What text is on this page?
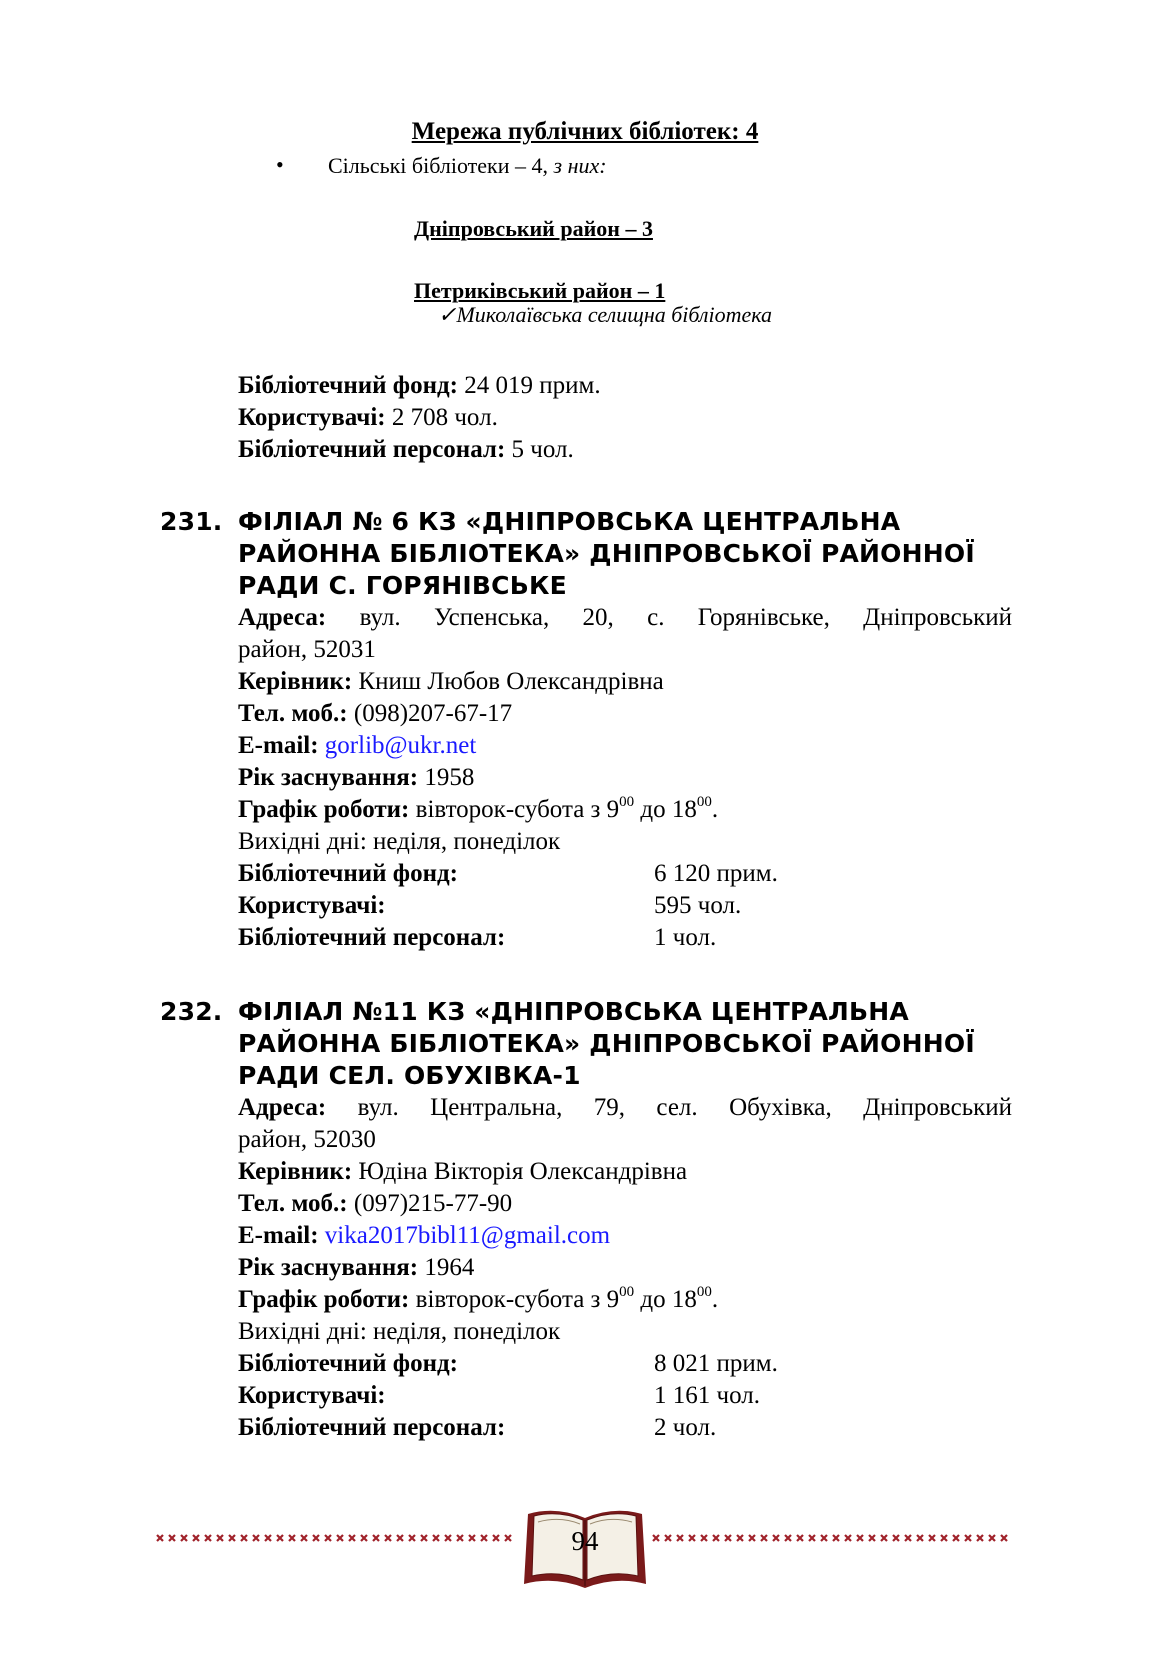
Мережа публічних бібліотек: 4
• Сільські бібліотеки – 4, з них:
Дніпровський район – 3
Петриківський район – 1
✓Миколаївська селищна бібліотека
Бібліотечний фонд: 24 019 прим.
Користувачі: 2 708 чол.
Бібліотечний персонал: 5 чол.
231. ФІЛІАЛ № 6 КЗ «ДНІПРОВСЬКА ЦЕНТРАЛЬНА
РАЙОННА БІБЛІОТЕКА» ДНІПРОВСЬКОЇ РАЙОННОЇ
РАДИ С. ГОРЯНІВСЬКЕ
Адреса: вул. Успенська, 20, с. Горянівське, Дніпровський
район, 52031
Керівник: Книш Любов Олександрівна
Тел. моб.: (098)207-67-17
E-mail: gorlib@ukr.net
Рік заснування: 1958
Графік роботи: вівторок-субота з $9^{00}$ до $18^{00}$.
Вихідні дні: неділя, понеділок
Бібліотечний фонд:	6 120 прим.
Користувачі:	595 чол.
Бібліотечний персонал:	1 чол.
232. ФІЛІАЛ №11 КЗ «ДНІПРОВСЬКА ЦЕНТРАЛЬНА
РАЙОННА БІБЛІОТЕКА» ДНІПРОВСЬКОЇ РАЙОННОЇ
РАДИ СЕЛ. ОБУХІВКА-1
Адреса: вул. Центральна, 79, сел. Обухівка, Дніпровський
район, 52030
Керівник: Юдіна Вікторія Олександрівна
Тел. моб.: (097)215-77-90
E-mail: vika2017bibl11@gmail.com
Рік заснування: 1964
Графік роботи: вівторок-субота з $9^{00}$ до $18^{00}$.
Вихідні дні: неділя, понеділок
Бібліотечний фонд:	8 021 прим.
Користувачі:	1 161 чол.
Бібліотечний персонал:	2 чол.
94
